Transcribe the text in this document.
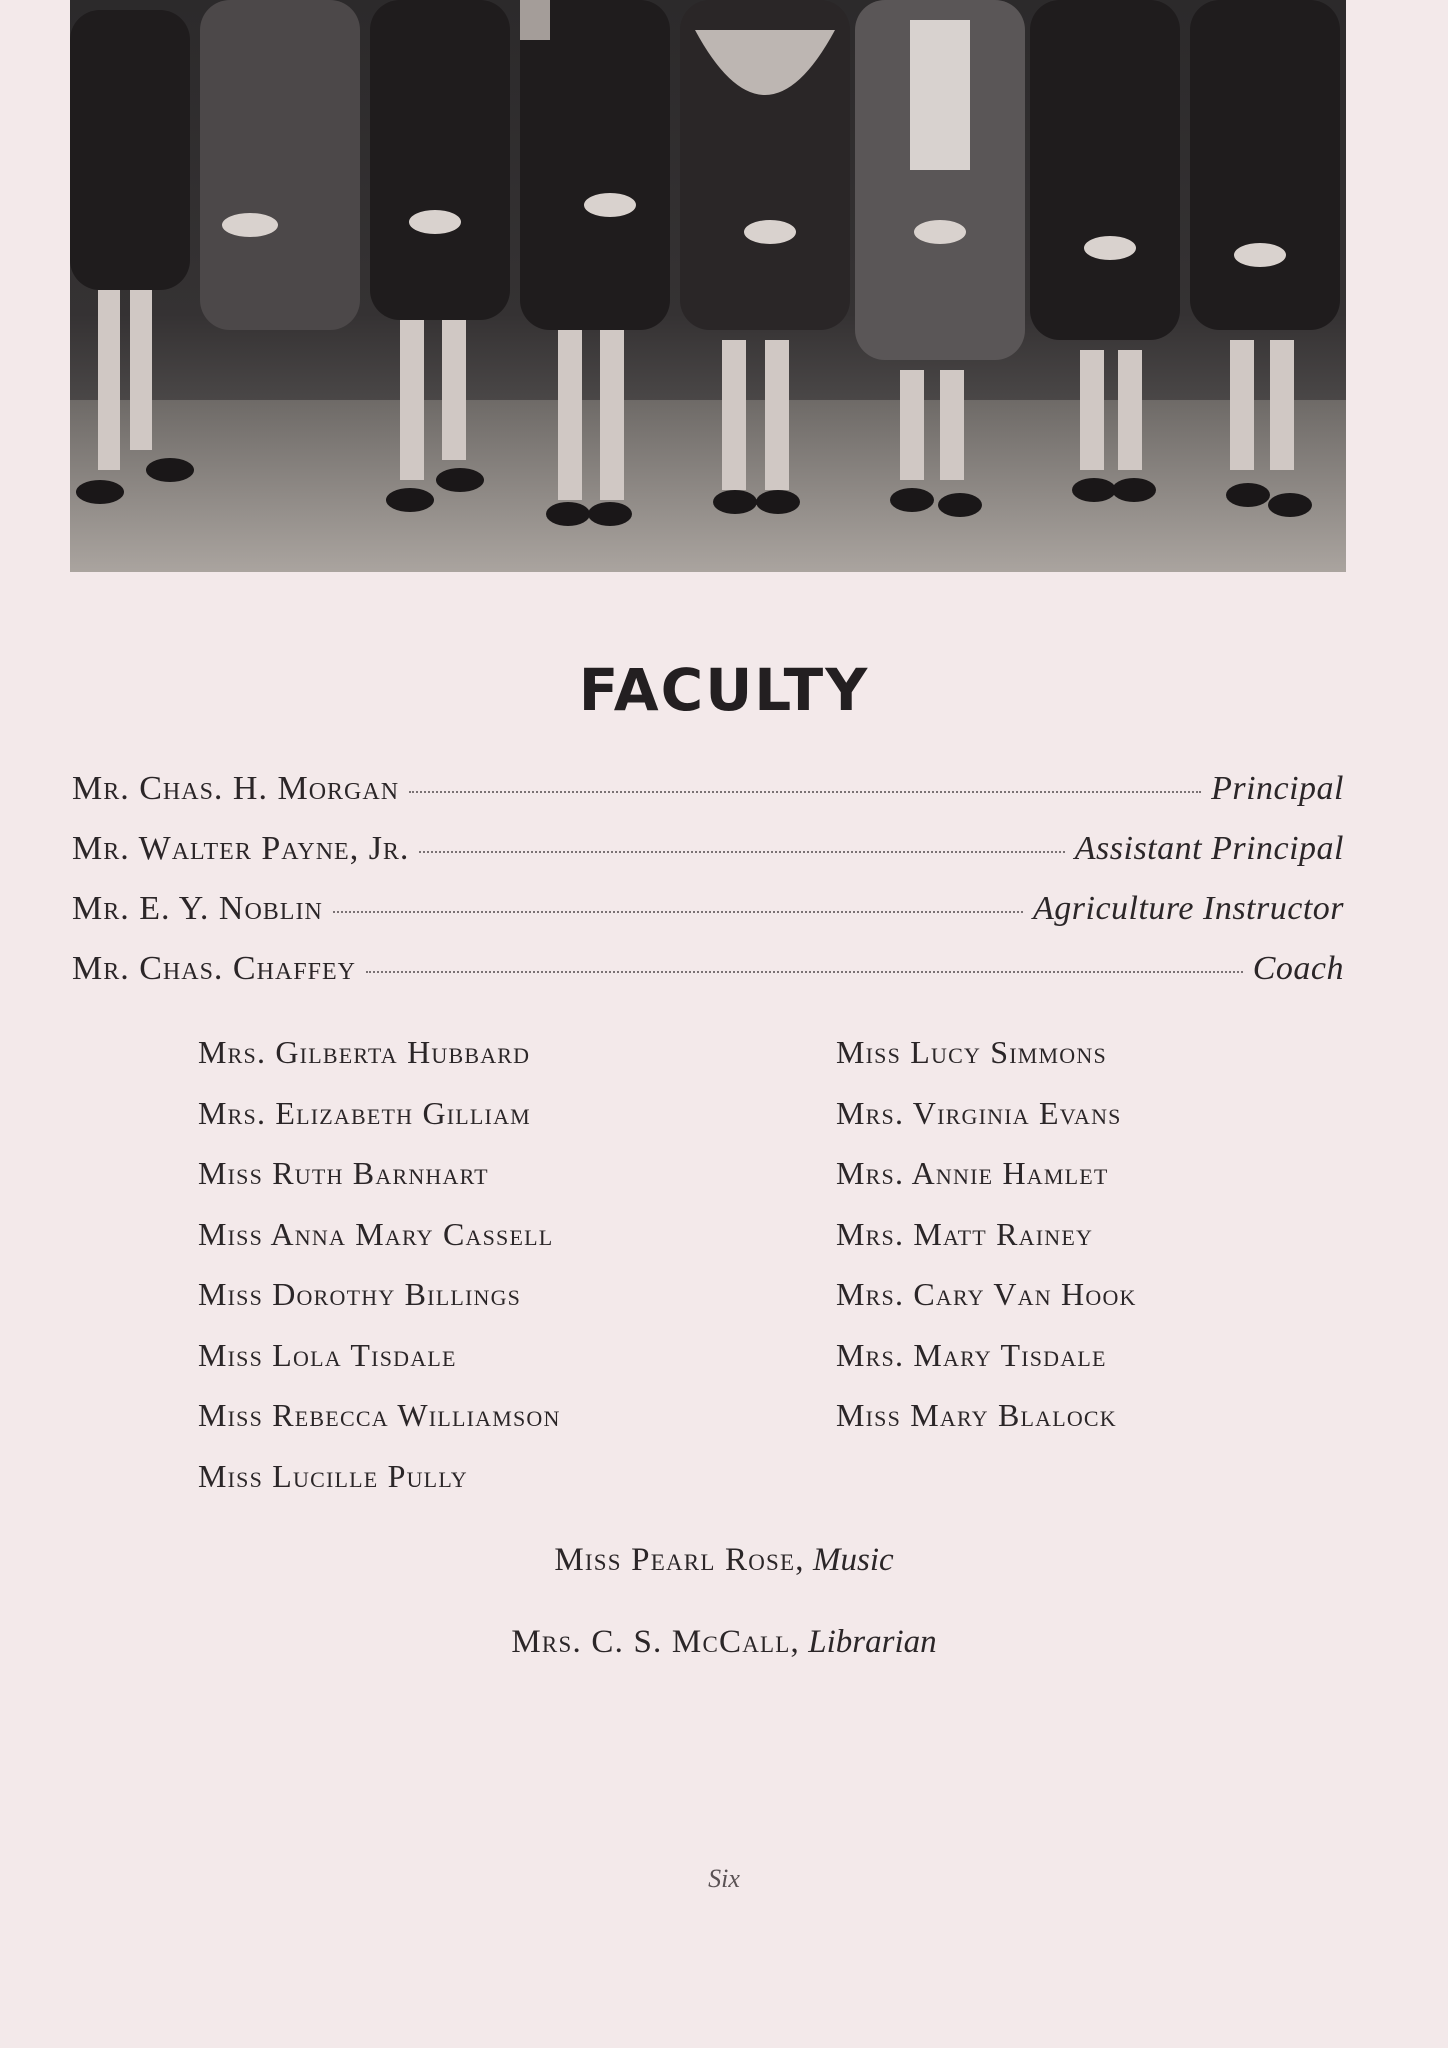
FACULTY
Mr. Chas. H. Morgan	Principal
Mr. Walter Payne, Jr.	Assistant Principal
Mr. E. Y. Noblin	Agriculture Instructor
Mr. Chas. Chaffey	Coach
Mrs. Gilberta Hubbard
Mrs. Elizabeth Gilliam
Miss Ruth Barnhart
Miss Anna Mary Cassell
Miss Dorothy Billings
Miss Lola Tisdale
Miss Rebecca Williamson
Miss Lucille Pully
Miss Lucy Simmons
Mrs. Virginia Evans
Mrs. Annie Hamlet
Mrs. Matt Rainey
Mrs. Cary Van Hook
Mrs. Mary Tisdale
Miss Mary Blalock
Miss Pearl Rose, Music
Mrs. C. S. McCall, Librarian
Six
